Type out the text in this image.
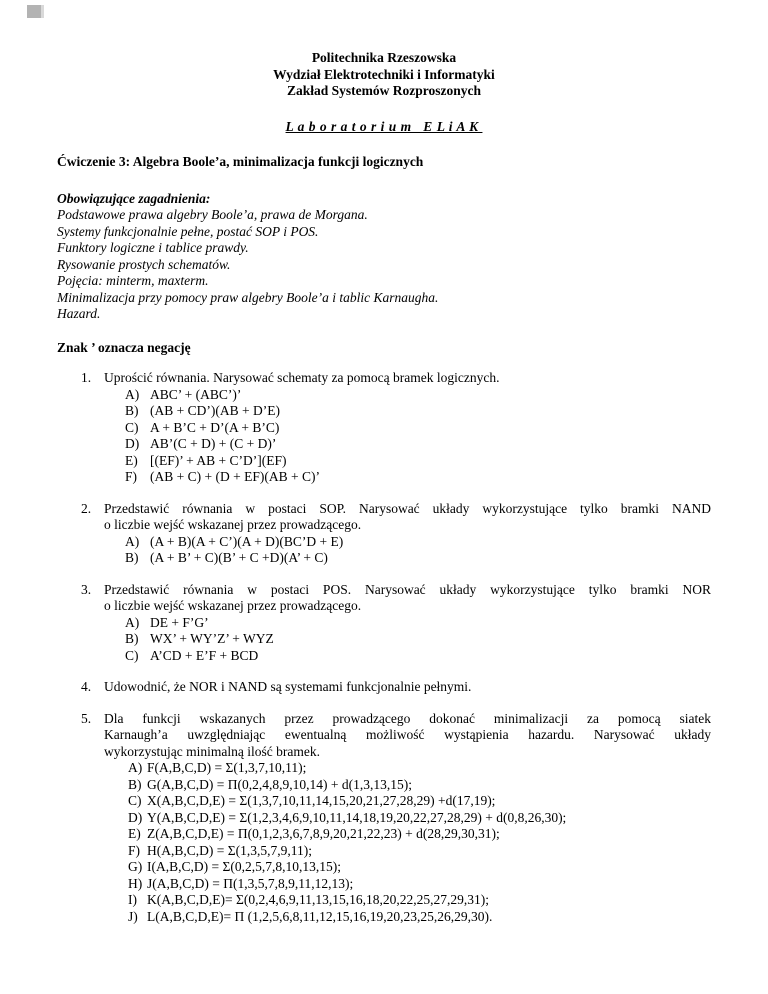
Politechnika Rzeszowska
Wydział Elektrotechniki i Informatyki
Zakład Systemów Rozproszonych
L a b o r a t o r i u m   E L i A K
Ćwiczenie 3: Algebra Boole’a, minimalizacja funkcji logicznych
Obowiązujące zagadnienia:
Podstawowe prawa algebry Boole’a, prawa de Morgana.
Systemy funkcjonalnie pełne, postać SOP i POS.
Funktory logiczne i tablice prawdy.
Rysowanie prostych schematów.
Pojęcia: minterm, maxterm.
Minimalizacja przy pomocy praw algebry Boole’a i tablic Karnaugha.
Hazard.
Znak ’ oznacza negację
1. Uprościć równania. Narysować schematy za pomocą bramek logicznych.
A) ABC’ + (ABC’)’
B) (AB + CD’)(AB + D’E)
C) A + B’C + D’(A + B’C)
D) AB’(C + D) + (C + D)’
E) [(EF)’ + AB + C’D’](EF)
F) (AB + C) + (D + EF)(AB + C)’
2. Przedstawić równania w postaci SOP. Narysować układy wykorzystujące tylko bramki NAND
o liczbie wejść wskazanej przez prowadzącego.
A) (A + B)(A + C’)(A + D)(BC’D + E)
B) (A + B’ + C)(B’ + C +D)(A’ + C)
3. Przedstawić równania w postaci POS. Narysować układy wykorzystujące tylko bramki NOR
o liczbie wejść wskazanej przez prowadzącego.
A) DE + F’G’
B) WX’ + WY’Z’ + WYZ
C) A’CD + E’F + BCD
4. Udowodnić, że NOR i NAND są systemami funkcjonalnie pełnymi.
5. Dla funkcji wskazanych przez prowadzącego dokonać minimalizacji za pomocą siatek
Karnaugh’a uwzględniając ewentualną możliwość wystąpienia hazardu. Narysować układy
wykorzystując minimalną ilość bramek.
A) F(A,B,C,D) = Σ(1,3,7,10,11);
B) G(A,B,C,D) = Π(0,2,4,8,9,10,14) + d(1,3,13,15);
C) X(A,B,C,D,E) = Σ(1,3,7,10,11,14,15,20,21,27,28,29) +d(17,19);
D) Y(A,B,C,D,E) = Σ(1,2,3,4,6,9,10,11,14,18,19,20,22,27,28,29) + d(0,8,26,30);
E) Z(A,B,C,D,E) = Π(0,1,2,3,6,7,8,9,20,21,22,23) + d(28,29,30,31);
F) H(A,B,C,D) = Σ(1,3,5,7,9,11);
G) I(A,B,C,D) = Σ(0,2,5,7,8,10,13,15);
H) J(A,B,C,D) = Π(1,3,5,7,8,9,11,12,13);
I) K(A,B,C,D,E)= Σ(0,2,4,6,9,11,13,15,16,18,20,22,25,27,29,31);
J) L(A,B,C,D,E)= Π (1,2,5,6,8,11,12,15,16,19,20,23,25,26,29,30).
